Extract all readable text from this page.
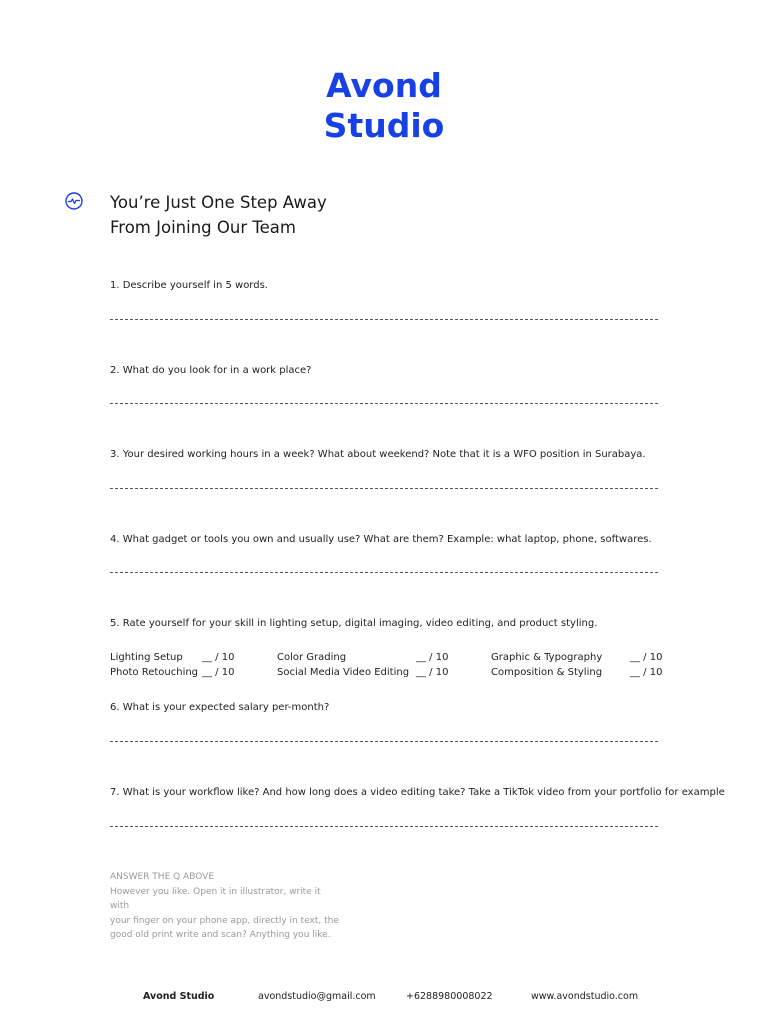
Avond
Studio
You’re Just One Step Away
From Joining Our Team
1. Describe yourself in 5 words.
2. What do you look for in a work place?
3. Your desired working hours in a week? What about weekend? Note that it is a WFO position in Surabaya.
4. What gadget or tools you own and usually use? What are them? Example: what laptop, phone, softwares.
5. Rate yourself for your skill in lighting setup, digital imaging, video editing, and product styling.
Lighting Setup __ / 10	Color Grading	__ / 10	Graphic & Typography	__ / 10
Photo Retouching __ / 10	Social Media Video Editing __ / 10	Composition & Styling	__ / 10
6. What is your expected salary per-month?
7. What is your workflow like? And how long does a video editing take? Take a TikTok video from your portfolio for example
ANSWER THE Q ABOVE
However you like. Open it in illustrator, write it with
your finger on your phone app, directly in text, the
good old print write and scan? Anything you like.
Avond Studio	avondstudio@gmail.com	+6288980008022	www.avondstudio.com
